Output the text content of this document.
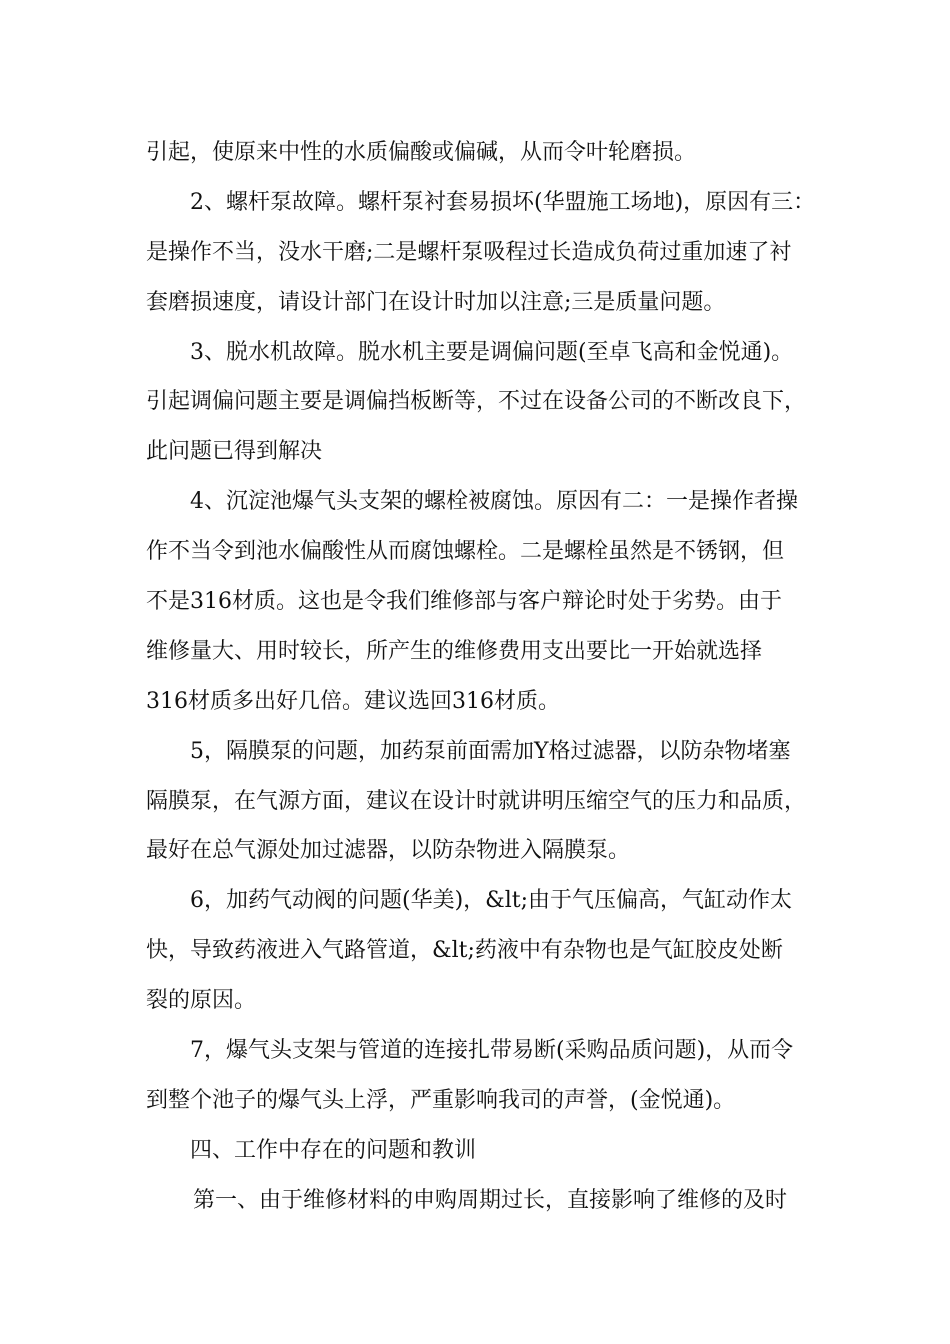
引起，使原来中性的水质偏酸或偏碱，从而令叶轮磨损。
2、螺杆泵故障。螺杆泵衬套易损坏(华盟施工场地)，原因有三：
是操作不当，没水干磨;二是螺杆泵吸程过长造成负荷过重加速了衬
套磨损速度，请设计部门在设计时加以注意;三是质量问题。
3、脱水机故障。脱水机主要是调偏问题(至卓飞高和金悦通)。
引起调偏问题主要是调偏挡板断等，不过在设备公司的不断改良下，
此问题已得到解决
4、沉淀池爆气头支架的螺栓被腐蚀。原因有二：一是操作者操
作不当令到池水偏酸性从而腐蚀螺栓。二是螺栓虽然是不锈钢，但
不是316材质。这也是令我们维修部与客户辩论时处于劣势。由于
维修量大、用时较长，所产生的维修费用支出要比一开始就选择
316材质多出好几倍。建议选回316材质。
5，隔膜泵的问题，加药泵前面需加Y格过滤器，以防杂物堵塞
隔膜泵，在气源方面，建议在设计时就讲明压缩空气的压力和品质，
最好在总气源处加过滤器，以防杂物进入隔膜泵。
6，加药气动阀的问题(华美)，&lt;由于气压偏高，气缸动作太
快，导致药液进入气路管道，&lt;药液中有杂物也是气缸胶皮处断
裂的原因。
7，爆气头支架与管道的连接扎带易断(采购品质问题)，从而令
到整个池子的爆气头上浮，严重影响我司的声誉，(金悦通)。
四、工作中存在的问题和教训
第一、由于维修材料的申购周期过长，直接影响了维修的及时
